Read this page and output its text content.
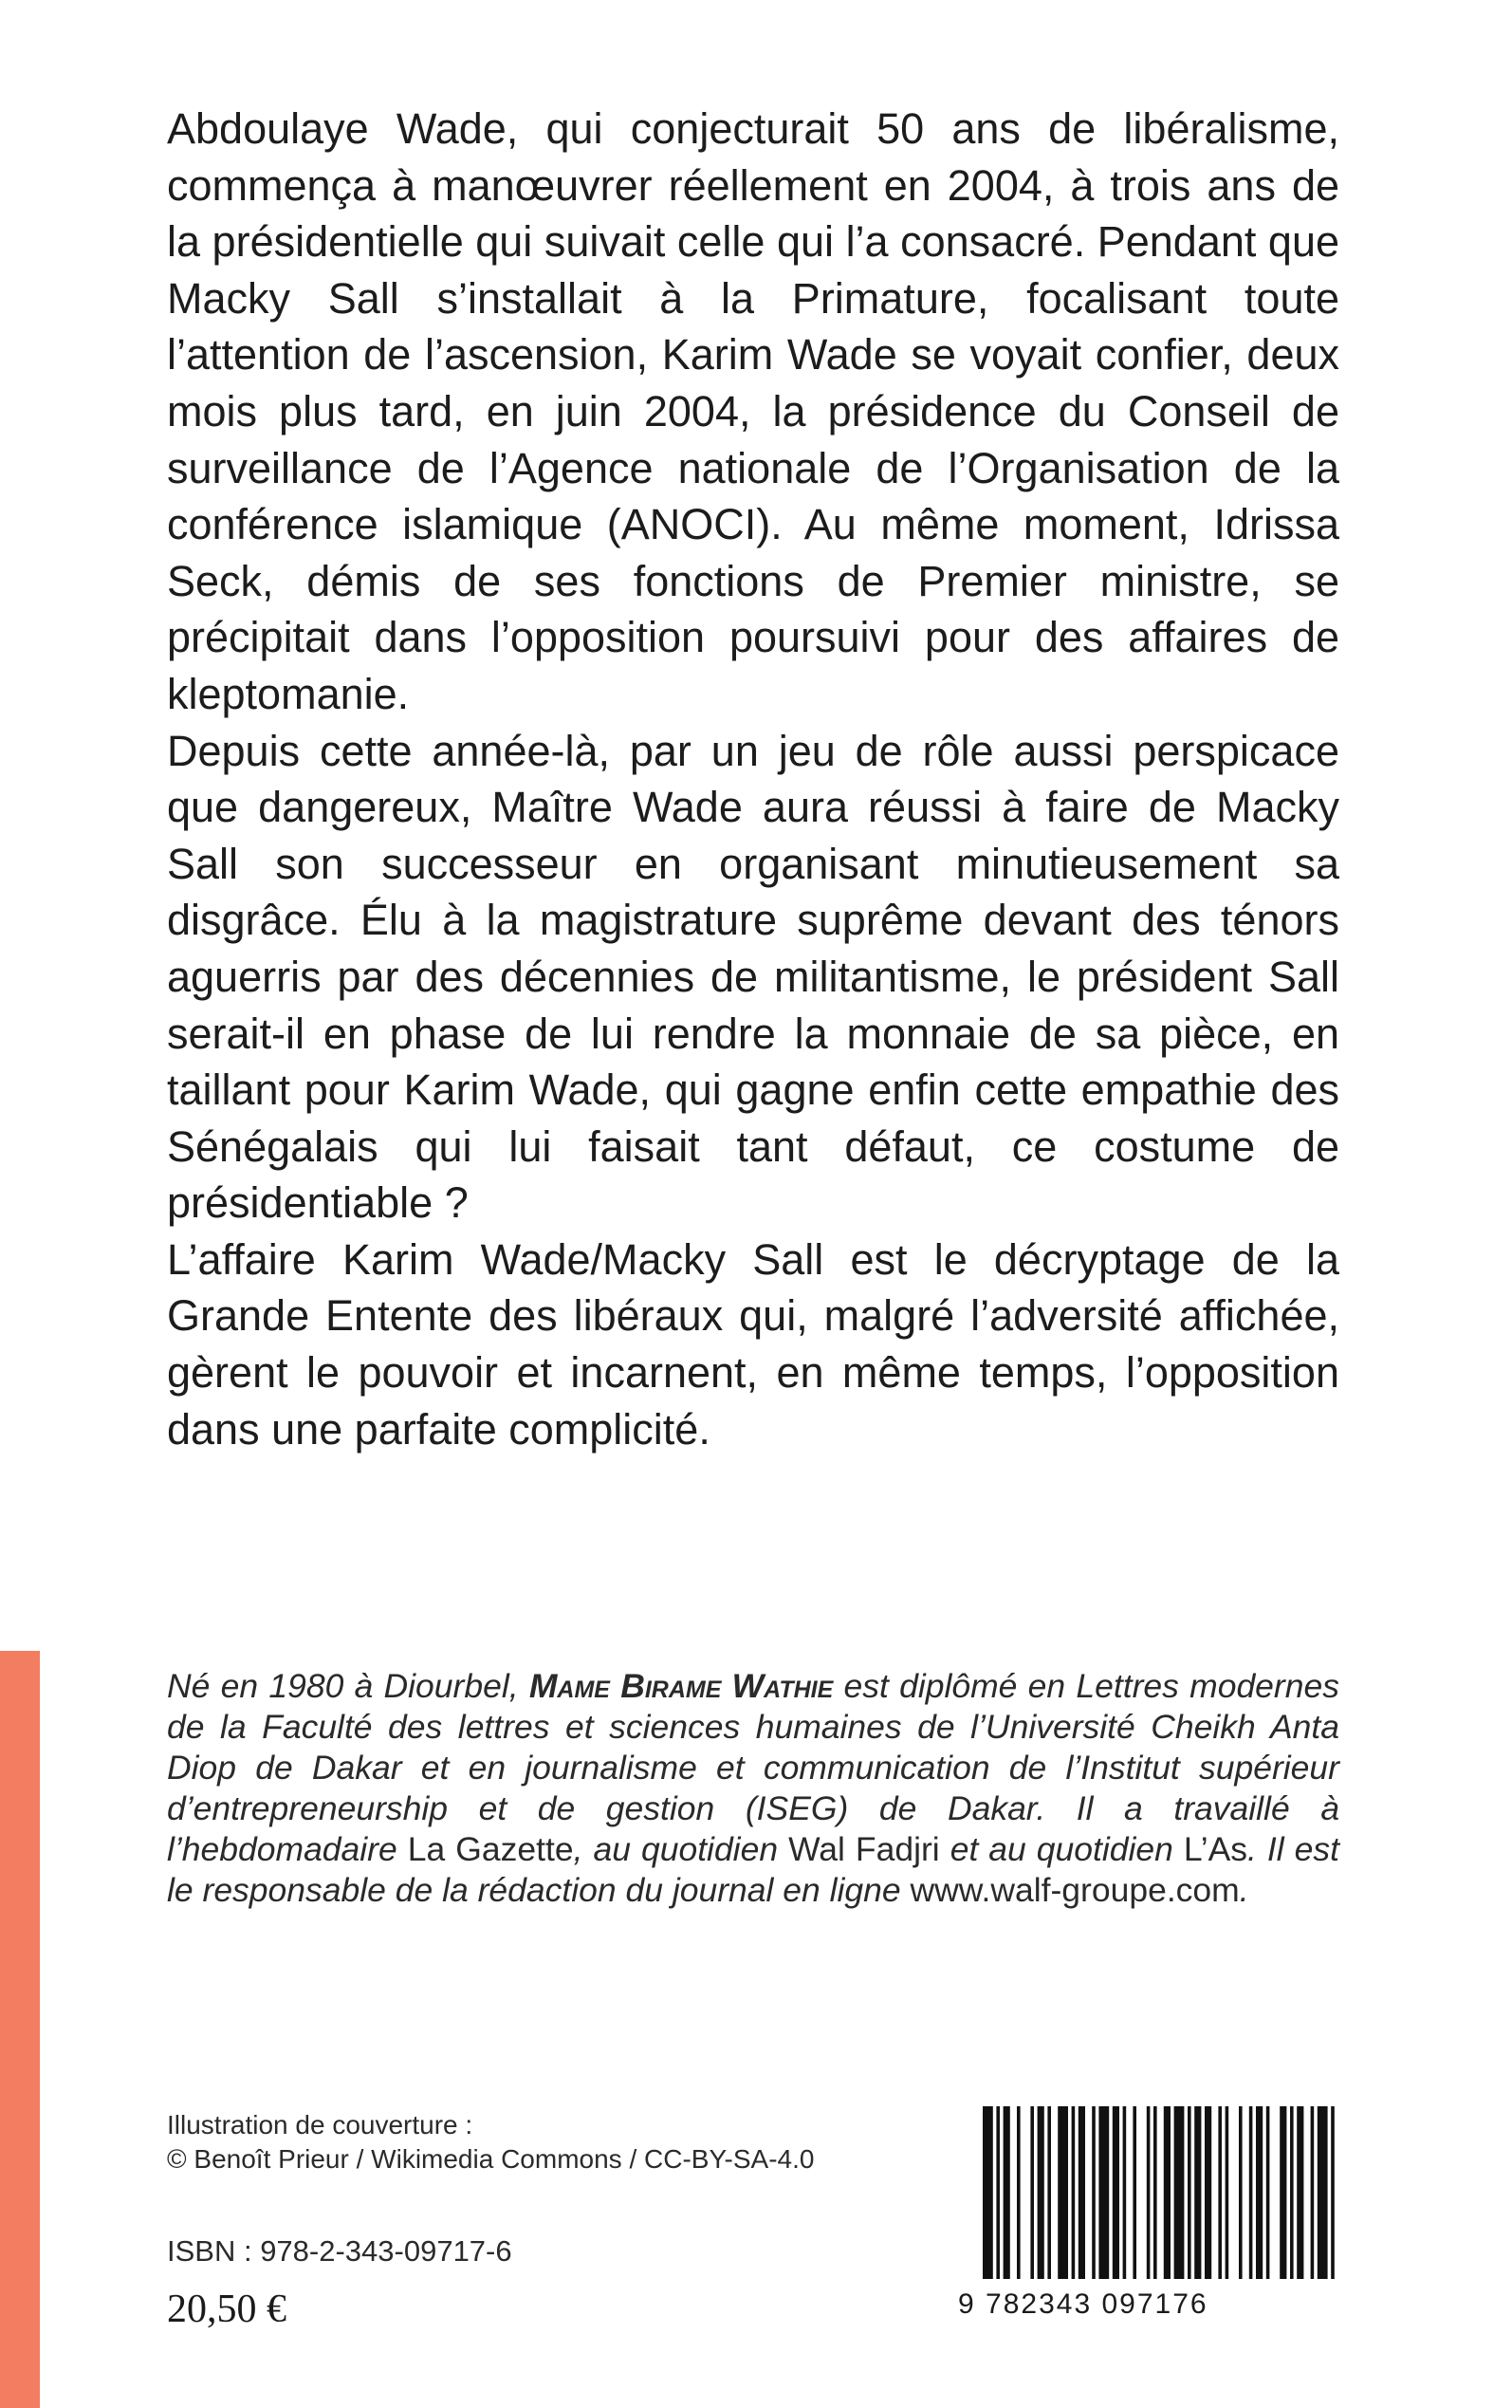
Abdoulaye Wade, qui conjecturait 50 ans de libéralisme, commença à manœuvrer réellement en 2004, à trois ans de la présidentielle qui suivait celle qui l’a consacré. Pendant que Macky Sall s’installait à la Primature, focalisant toute l’attention de l’ascension, Karim Wade se voyait confier, deux mois plus tard, en juin 2004, la présidence du Conseil de surveillance de l’Agence nationale de l’Organisation de la conférence islamique (ANOCI). Au même moment, Idrissa Seck, démis de ses fonctions de Premier ministre, se précipitait dans l’opposition poursuivi pour des affaires de kleptomanie.

Depuis cette année-là, par un jeu de rôle aussi perspicace que dangereux, Maître Wade aura réussi à faire de Macky Sall son successeur en organisant minutieusement sa disgrâce. Élu à la magistrature suprême devant des ténors aguerris par des décennies de militantisme, le président Sall serait-il en phase de lui rendre la monnaie de sa pièce, en taillant pour Karim Wade, qui gagne enfin cette empathie des Sénégalais qui lui faisait tant défaut, ce costume de présidentiable ?

L’affaire Karim Wade/Macky Sall est le décryptage de la Grande Entente des libéraux qui, malgré l’adversité affichée, gèrent le pouvoir et incarnent, en même temps, l’opposition dans une parfaite complicité.

Né en 1980 à Diourbel, Mame Birame Wathie est diplômé en Lettres modernes de la Faculté des lettres et sciences humaines de l’Université Cheikh Anta Diop de Dakar et en journalisme et communication de l’Institut supérieur d’entrepreneurship et de gestion (ISEG) de Dakar. Il a travaillé à l’hebdomadaire La Gazette, au quotidien Wal Fadjri et au quotidien L’As. Il est le responsable de la rédaction du journal en ligne www.walf-groupe.com.

Illustration de couverture :
© Benoît Prieur / Wikimedia Commons / CC-BY-SA-4.0
ISBN : 978-2-343-09717-6
20,50 €	9 782343 097176
